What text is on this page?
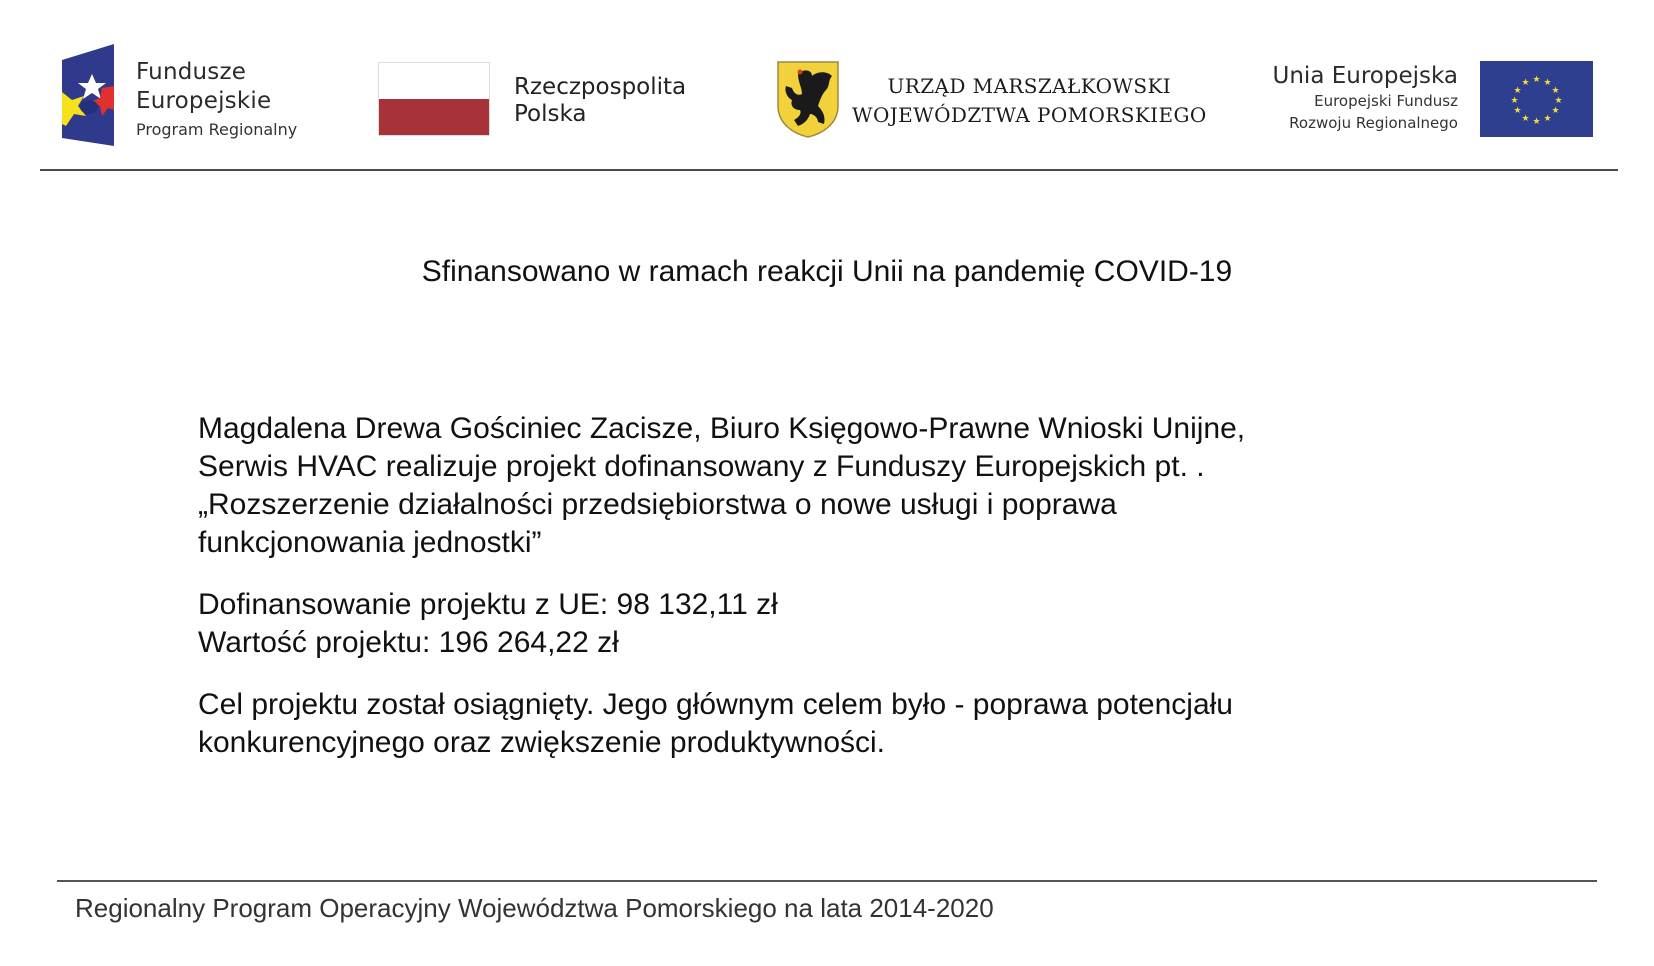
Fundusze
Europejskie
Program Regionalny
Rzeczpospolita
Polska
URZĄD MARSZAŁKOWSKI
WOJEWÓDZTWA POMORSKIEGO
Unia Europejska
Europejski Fundusz
Rozwoju Regionalnego
★ ★
★
★
★
★
★
★
★
★
★
★
Sfinansowano w ramach reakcji Unii na pandemię COVID-19

Magdalena Drewa Gościniec Zacisze, Biuro Księgowo-Prawne Wnioski Unijne,

Serwis HVAC realizuje projekt dofinansowany z Funduszy Europejskich pt. .

„Rozszerzenie działalności przedsiębiorstwa o nowe usługi i poprawa

funkcjonowania jednostki”

Dofinansowanie projektu z UE: 98 132,11 zł

Wartość projektu: 196 264,22 zł

Cel projektu został osiągnięty. Jego głównym celem było - poprawa potencjału

konkurencyjnego oraz zwiększenie produktywności.

Regionalny Program Operacyjny Województwa Pomorskiego na lata 2014-2020
